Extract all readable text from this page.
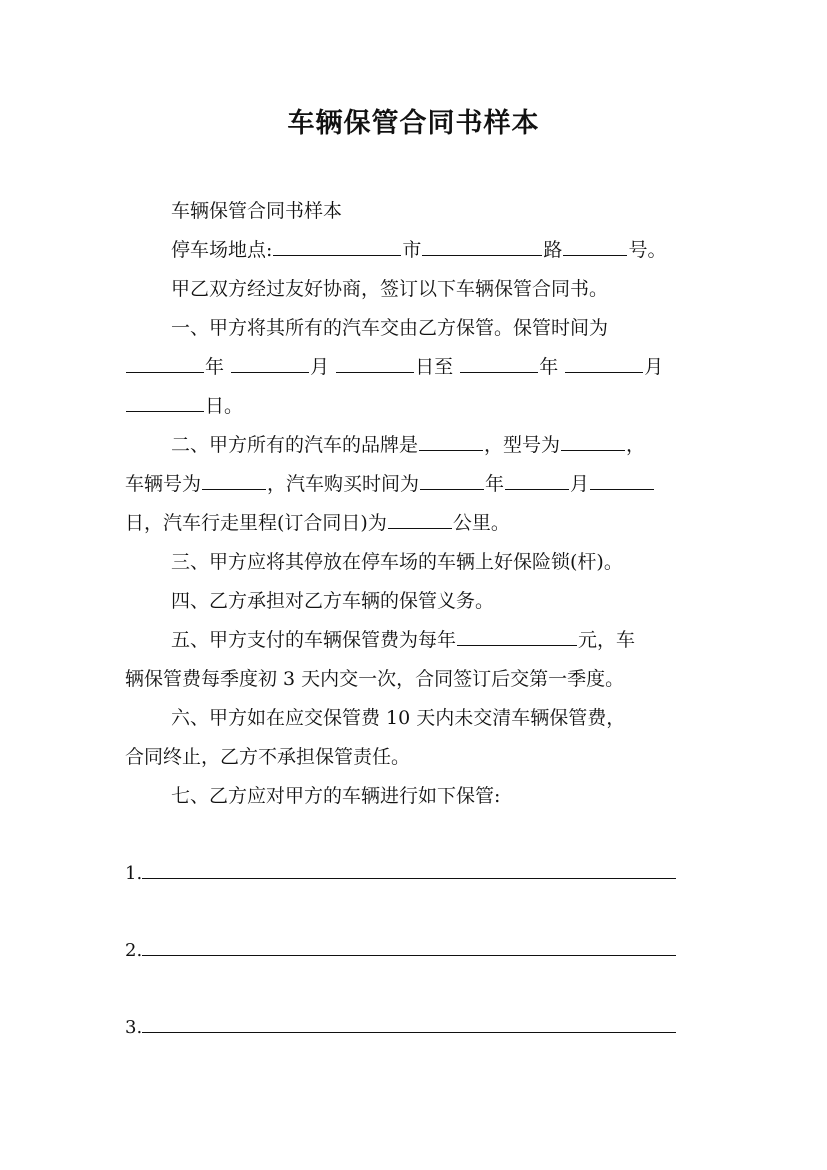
车辆保管合同书样本
车辆保管合同书样本
停车场地点:	市	路	号。
甲乙双方经过友好协商，签订以下车辆保管合同书。
一、甲方将其所有的汽车交由乙方保管。保管时间为
年	月	日至	年	月
日。
二、甲方所有的汽车的品牌是	，型号为	，
车辆号为	，汽车购买时间为	年	月
日，汽车行走里程(订合同日)为	公里。
三、甲方应将其停放在停车场的车辆上好保险锁(杆)。
四、乙方承担对乙方车辆的保管义务。
五、甲方支付的车辆保管费为每年	元，车
辆保管费每季度初 3 天内交一次，合同签订后交第一季度。
六、甲方如在应交保管费 10 天内未交清车辆保管费，
合同终止，乙方不承担保管责任。
七、乙方应对甲方的车辆进行如下保管:
1.
2.
3.
